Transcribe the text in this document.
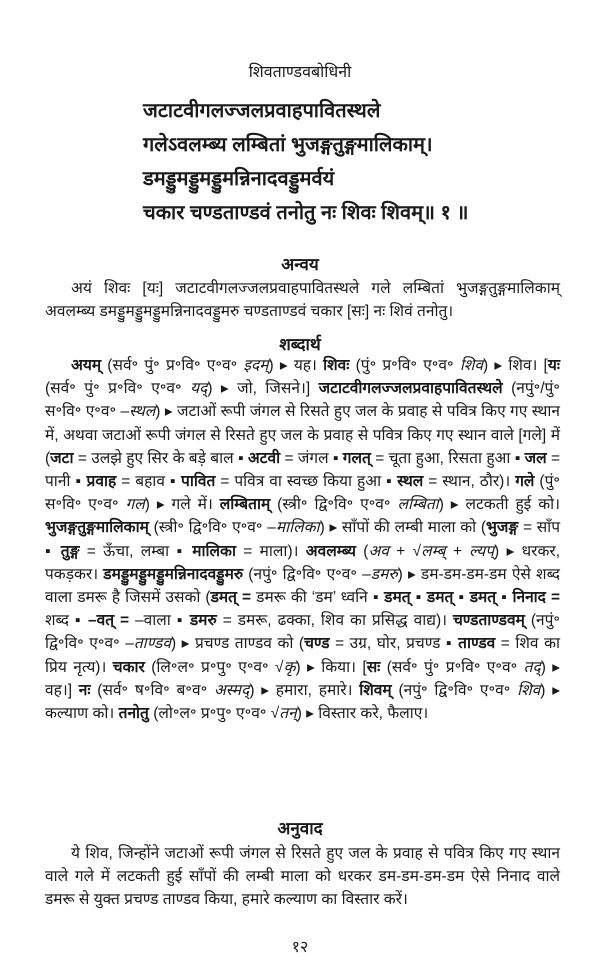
शिवताण्डवबोधिनी
जटाटवीगलज्जलप्रवाहपावितस्थले
गलेऽवलम्ब्य लम्बितां भुजङ्गतुङ्गमालिकाम्।
डमड्डुमड्डुमड्डुमन्निनादवड्डुमर्वयं
चकार चण्डताण्डवं तनोतु नः शिवः शिवम्॥ १ ॥
अन्वय
अयं शिवः [यः] जटाटवीगलज्जलप्रवाहपावितस्थले गले लम्बितां भुजङ्गतुङ्गमालिकाम् अवलम्ब्य डमड्डुमड्डुमड्डुमन्निनादवड्डुमरु चण्डताण्डवं चकार [सः] नः शिवं तनोतु।
शब्दार्थ
अयम् (सर्व॰ पुं॰ प्र॰वि॰ ए॰व॰ इदम्) ▸ यह। शिवः (पुं॰ प्र॰वि॰ ए॰व॰ शिव) ▸ शिव। [यः (सर्व॰ पुं॰ प्र॰वि॰ ए॰व॰ यद्) ▸ जो, जिसने।] जटाटवीगलज्जलप्रवाहपावितस्थले (नपुं॰/पुं॰ स॰वि॰ ए॰व॰ –स्थल) ▸ जटाओं रूपी जंगल से रिसते हुए जल के प्रवाह से पवित्र किए गए स्थान में, अथवा जटाओं रूपी जंगल से रिसते हुए जल के प्रवाह से पवित्र किए गए स्थान वाले [गले] में (जटा = उलझे हुए सिर के बड़े बाल ▪ अटवी = जंगल ▪ गलत् = चूता हुआ, रिसता हुआ ▪ जल = पानी ▪ प्रवाह = बहाव ▪ पावित = पवित्र वा स्वच्छ किया हुआ ▪ स्थल = स्थान, ठौर)। गले (पुं॰ स॰वि॰ ए॰व॰ गल) ▸ गले में। लम्बिताम् (स्त्री॰ द्वि॰वि॰ ए॰व॰ लम्बिता) ▸ लटकती हुई को। भुजङ्गतुङ्गमालिकाम् (स्त्री॰ द्वि॰वि॰ ए॰व॰ –मालिका) ▸ साँपों की लम्बी माला को (भुजङ्ग = साँप ▪ तुङ्ग = ऊँचा, लम्बा ▪ मालिका = माला)। अवलम्ब्य (अव + √लम्ब् + ल्यप्) ▸ धरकर, पकड़कर। डमड्डुमड्डुमड्डुमन्निनादवड्डुमरु (नपुं॰ द्वि॰वि॰ ए॰व॰ –डमरु) ▸ डम-डम-डम-डम ऐसे शब्द वाला डमरू है जिसमें उसको (डमत् = डमरू की ‘डम’ ध्वनि ▪ डमत् ▪ डमत् ▪ डमत् ▪ निनाद = शब्द ▪ –वत् = –वाला ▪ डमरु = डमरू, ढक्का, शिव का प्रसिद्ध वाद्य)। चण्डताण्डवम् (नपुं॰ द्वि॰वि॰ ए॰व॰ –ताण्डव) ▸ प्रचण्ड ताण्डव को (चण्ड = उग्र, घोर, प्रचण्ड ▪ ताण्डव = शिव का प्रिय नृत्य)। चकार (लि॰ल॰ प्र॰पु॰ ए॰व॰ √कृ) ▸ किया। [सः (सर्व॰ पुं॰ प्र॰वि॰ ए॰व॰ तद्) ▸ वह।] नः (सर्व॰ ष॰वि॰ ब॰व॰ अस्मद्) ▸ हमारा, हमारे। शिवम् (नपुं॰ द्वि॰वि॰ ए॰व॰ शिव) ▸ कल्याण को। तनोतु (लो॰ल॰ प्र॰पु॰ ए॰व॰ √तन्) ▸ विस्तार करे, फैलाए।
अनुवाद
ये शिव, जिन्होंने जटाओं रूपी जंगल से रिसते हुए जल के प्रवाह से पवित्र किए गए स्थान वाले गले में लटकती हुई साँपों की लम्बी माला को धरकर डम-डम-डम-डम ऐसे निनाद वाले डमरू से युक्त प्रचण्ड ताण्डव किया, हमारे कल्याण का विस्तार करें।
१२
